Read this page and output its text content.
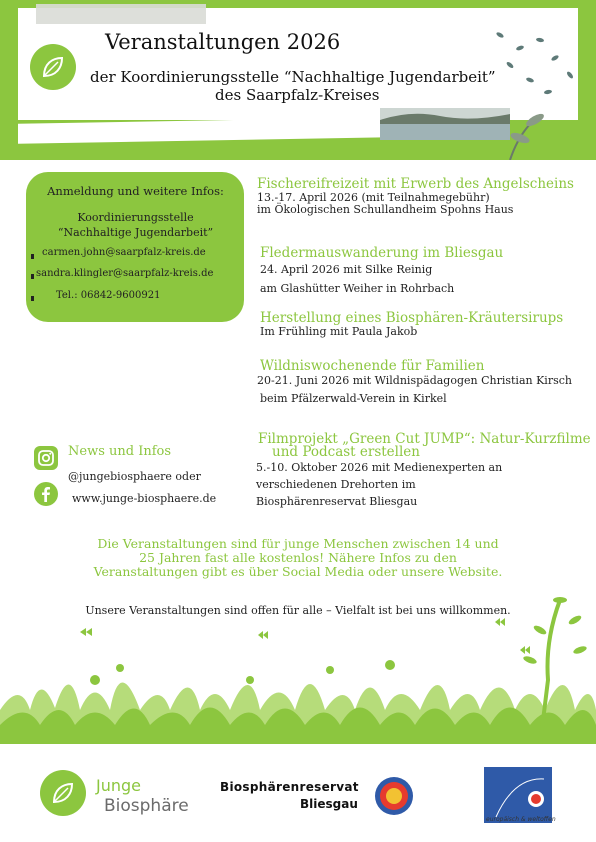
Veranstaltungen 2026
der Koordinierungsstelle “Nachhaltige Jugendarbeit”
des Saarpfalz-Kreises
Anmeldung und weitere Infos:
Koordinierungsstelle
“Nachhaltige Jugendarbeit”
carmen.john@saarpfalz-kreis.de
sandra.klingler@saarpfalz-kreis.de
Tel.: 06842-9600921
Fischereifreizeit mit Erwerb des Angelscheins
13.-17. April 2026 (mit Teilnahmegebühr)
im Ökologischen Schullandheim Spohns Haus
Fledermauswanderung im Bliesgau
24. April 2026 mit Silke Reinig
am Glashütter Weiher in Rohrbach
Herstellung eines Biosphären-Kräutersirups
Im Frühling mit Paula Jakob
Wildniswochenende für Familien
20-21. Juni 2026 mit Wildnispädagogen Christian Kirsch
beim Pfälzerwald-Verein in Kirkel
Filmprojekt „Green Cut JUMP“: Natur-Kurzfilme
und Podcast erstellen
5.-10. Oktober 2026 mit Medienexperten an
verschiedenen Drehorten im
Biosphärenreservat Bliesgau
News und Infos
@jungebiosphaere oder
www.junge-biosphaere.de
Die Veranstaltungen sind für junge Menschen zwischen 14 und
25 Jahren fast alle kostenlos! Nähere Infos zu den
Veranstaltungen gibt es über Social Media oder unsere Website.
Unsere Veranstaltungen sind offen für alle – Vielfalt ist bei uns willkommen.
Junge
Biosphäre
Biosphärenreservat
Bliesgau
europäisch & weltoffen
